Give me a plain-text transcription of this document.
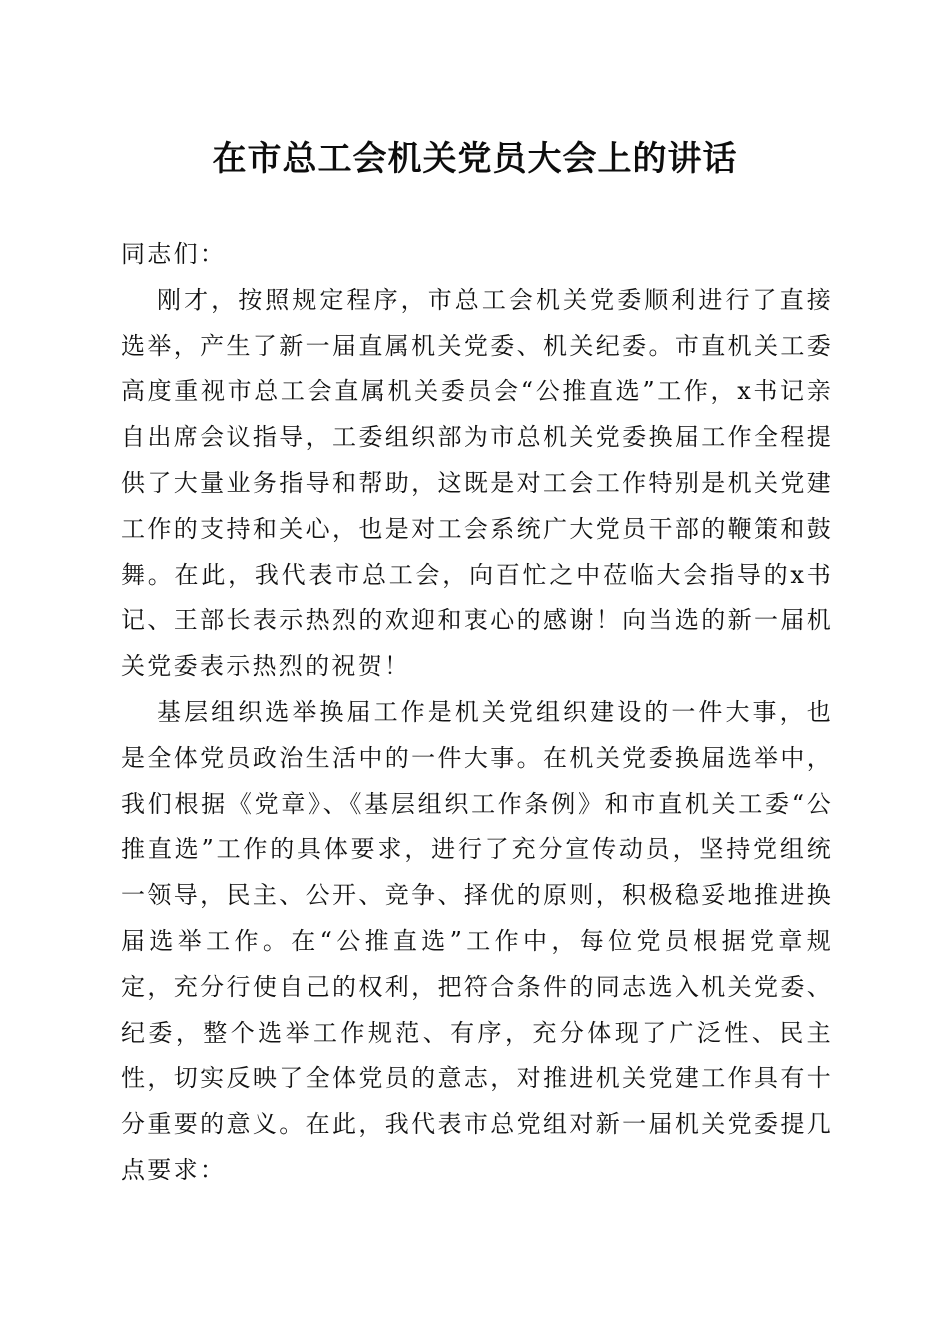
在市总工会机关党员大会上的讲话

同志们：

刚才，按照规定程序，市总工会机关党委顺利进行了直接选举，产生了新一届直属机关党委、机关纪委。市直机关工委高度重视市总工会直属机关委员会“公推直选”工作，x书记亲自出席会议指导，工委组织部为市总机关党委换届工作全程提供了大量业务指导和帮助，这既是对工会工作特别是机关党建工作的支持和关心，也是对工会系统广大党员干部的鞭策和鼓舞。在此，我代表市总工会，向百忙之中莅临大会指导的x书记、王部长表示热烈的欢迎和衷心的感谢！向当选的新一届机关党委表示热烈的祝贺！

基层组织选举换届工作是机关党组织建设的一件大事，也是全体党员政治生活中的一件大事。在机关党委换届选举中，我们根据《党章》、《基层组织工作条例》和市直机关工委“公推直选”工作的具体要求，进行了充分宣传动员，坚持党组统一领导，民主、公开、竞争、择优的原则，积极稳妥地推进换届选举工作。在“公推直选”工作中，每位党员根据党章规定，充分行使自己的权利，把符合条件的同志选入机关党委、纪委，整个选举工作规范、有序，充分体现了广泛性、民主性，切实反映了全体党员的意志，对推进机关党建工作具有十分重要的意义。在此，我代表市总党组对新一届机关党委提几点要求：
